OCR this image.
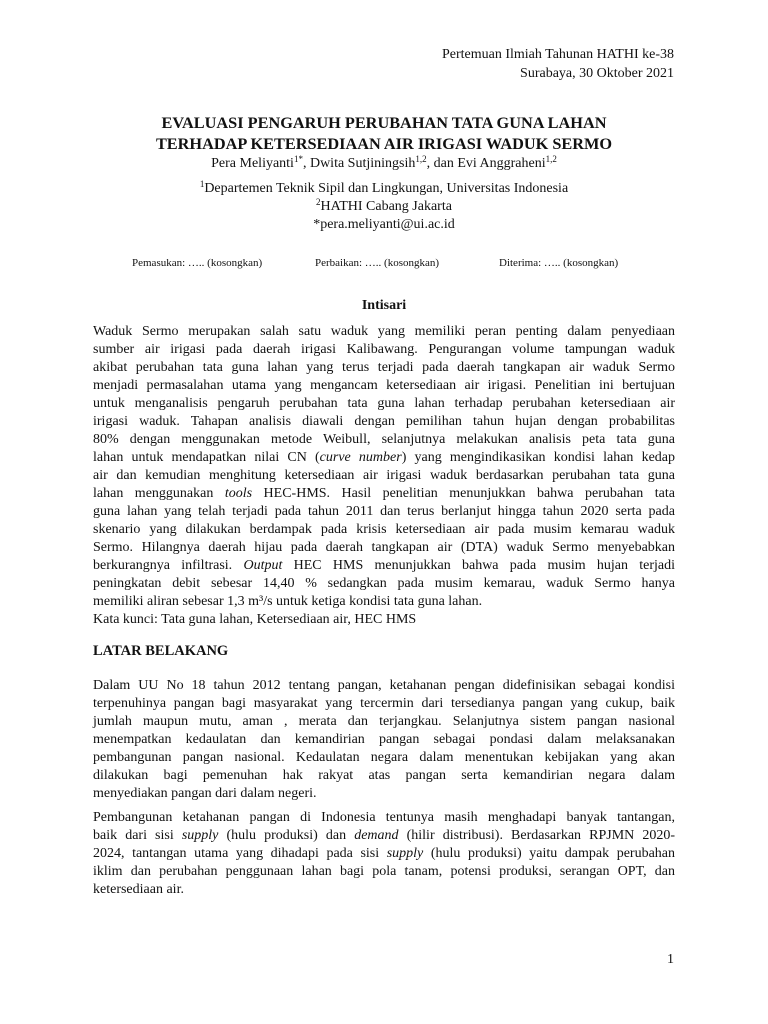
Pertemuan Ilmiah Tahunan HATHI ke-38
Surabaya, 30 Oktober 2021
EVALUASI PENGARUH PERUBAHAN TATA GUNA LAHAN
TERHADAP KETERSEDIAAN AIR IRIGASI WADUK SERMO
Pera Meliyanti$^{1*}$, Dwita Sutjiningsih$^{1,2}$, dan Evi Anggraheni$^{1,2}$
$^1$Departemen Teknik Sipil dan Lingkungan, Universitas Indonesia
$^2$HATHI Cabang Jakarta
*pera.meliyanti@ui.ac.id
Pemasukan: ….. (kosongkan)	Perbaikan: ….. (kosongkan)	Diterima: ….. (kosongkan)
Intisari
Waduk Sermo merupakan salah satu waduk yang memiliki peran penting dalam penyediaan
sumber air irigasi pada daerah irigasi Kalibawang. Pengurangan volume tampungan waduk
akibat perubahan tata guna lahan yang terus terjadi pada daerah tangkapan air waduk Sermo
menjadi permasalahan utama yang mengancam ketersediaan air irigasi. Penelitian ini bertujuan
untuk menganalisis pengaruh perubahan tata guna lahan terhadap perubahan ketersediaan air
irigasi waduk. Tahapan analisis diawali dengan pemilihan tahun hujan dengan probabilitas
80% dengan menggunakan metode Weibull, selanjutnya melakukan analisis peta tata guna
lahan untuk mendapatkan nilai CN (curve number) yang mengindikasikan kondisi lahan kedap
air dan kemudian menghitung ketersediaan air irigasi waduk berdasarkan perubahan tata guna
lahan menggunakan tools HEC-HMS. Hasil penelitian menunjukkan bahwa perubahan tata
guna lahan yang telah terjadi pada tahun 2011 dan terus berlanjut hingga tahun 2020 serta pada
skenario yang dilakukan berdampak pada krisis ketersediaan air pada musim kemarau waduk
Sermo. Hilangnya daerah hijau pada daerah tangkapan air (DTA) waduk Sermo menyebabkan
berkurangnya infiltrasi. Output HEC HMS menunjukkan bahwa pada musim hujan terjadi
peningkatan debit sebesar 14,40 % sedangkan pada musim kemarau, waduk Sermo hanya
memiliki aliran sebesar 1,3 m³/s untuk ketiga kondisi tata guna lahan.
Kata kunci: Tata guna lahan, Ketersediaan air, HEC HMS
LATAR BELAKANG
Dalam UU No 18 tahun 2012 tentang pangan, ketahanan pengan didefinisikan sebagai kondisi
terpenuhinya pangan bagi masyarakat yang tercermin dari tersedianya pangan yang cukup, baik
jumlah maupun mutu, aman , merata dan terjangkau. Selanjutnya sistem pangan nasional
menempatkan kedaulatan dan kemandirian pangan sebagai pondasi dalam melaksanakan
pembangunan pangan nasional. Kedaulatan negara dalam menentukan kebijakan yang akan
dilakukan bagi pemenuhan hak rakyat atas pangan serta kemandirian negara dalam
menyediakan pangan dari dalam negeri.
Pembangunan ketahanan pangan di Indonesia tentunya masih menghadapi banyak tantangan,
baik dari sisi supply (hulu produksi) dan demand (hilir distribusi). Berdasarkan RPJMN 2020-
2024, tantangan utama yang dihadapi pada sisi supply (hulu produksi) yaitu dampak perubahan
iklim dan perubahan penggunaan lahan bagi pola tanam, potensi produksi, serangan OPT, dan
ketersediaan air.
1
